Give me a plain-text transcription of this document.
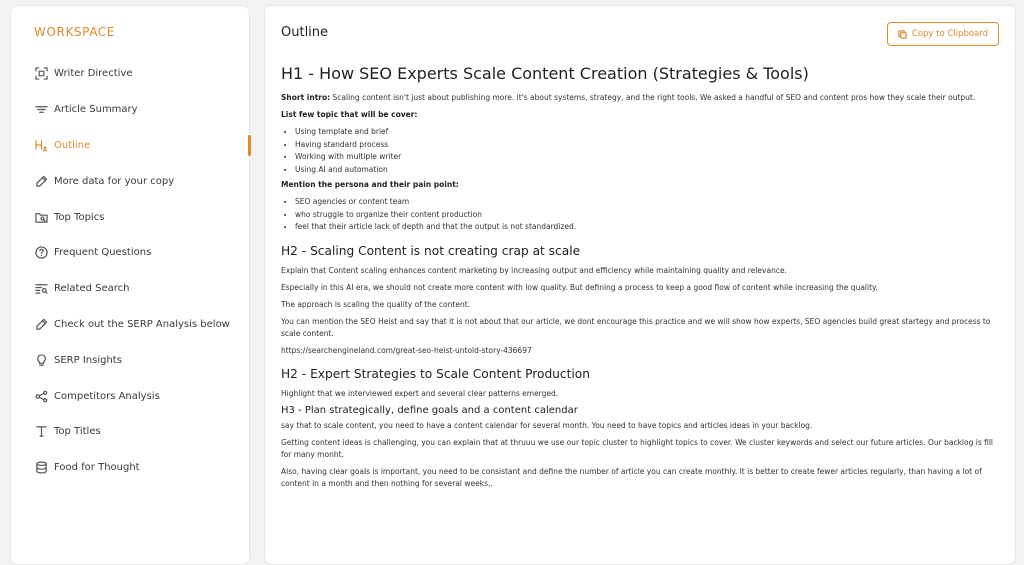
WORKSPACE
Writer Directive
Article Summary
Outline
More data for your copy
Top Topics
Frequent Questions
Related Search
Check out the SERP Analysis below
SERP Insights
Competitors Analysis
Top Titles
Food for Thought
Outline	Copy to Clipboard
H1 - How SEO Experts Scale Content Creation (Strategies & Tools)
Short intro: Scaling content isn't just about publishing more. it's about systems, strategy, and the right tools. We asked a handful of SEO and content pros how they scale their output.
List few topic that will be cover:
• Using template and brief
• Having standard process
• Working with multiple writer
• Using AI and automation
Mention the persona and their pain point:
• SEO agencies or content team
• who struggle to organize their content production
• feel that their article lack of depth and that the output is not standardized.
H2 - Scaling Content is not creating crap at scale
Explain that Content scaling enhances content marketing by increasing output and efficiency while maintaining quality and relevance.
Especially in this AI era, we should not create more content with low quality. But defining a process to keep a good flow of content while increasing the quality.
The approach is scaling the quality of the content.
You can mention the SEO Heist and say that it is not about that our article, we dont encourage this practice and we will show how experts, SEO agencies build great startegy and process to scale content.
https://searchengineland.com/great-seo-heist-untold-story-436697
H2 - Expert Strategies to Scale Content Production
Highlight that we interviewed expert and several clear patterns emerged.
H3 - Plan strategically, define goals and a content calendar
say that to scale content, you need to have a content calendar for several month. You need to have topics and articles ideas in your backlog.
Getting content ideas is challenging, you can explain that at thruuu we use our topic cluster to highlight topics to cover. We cluster keywords and select our future articles. Our backlog is fill for many monht.
Also, having clear goals is important, you need to be consistant and define the number of article you can create monthly. It is better to create fewer articles regularly, than having a lot of content in a month and then nothing for several weeks,.
